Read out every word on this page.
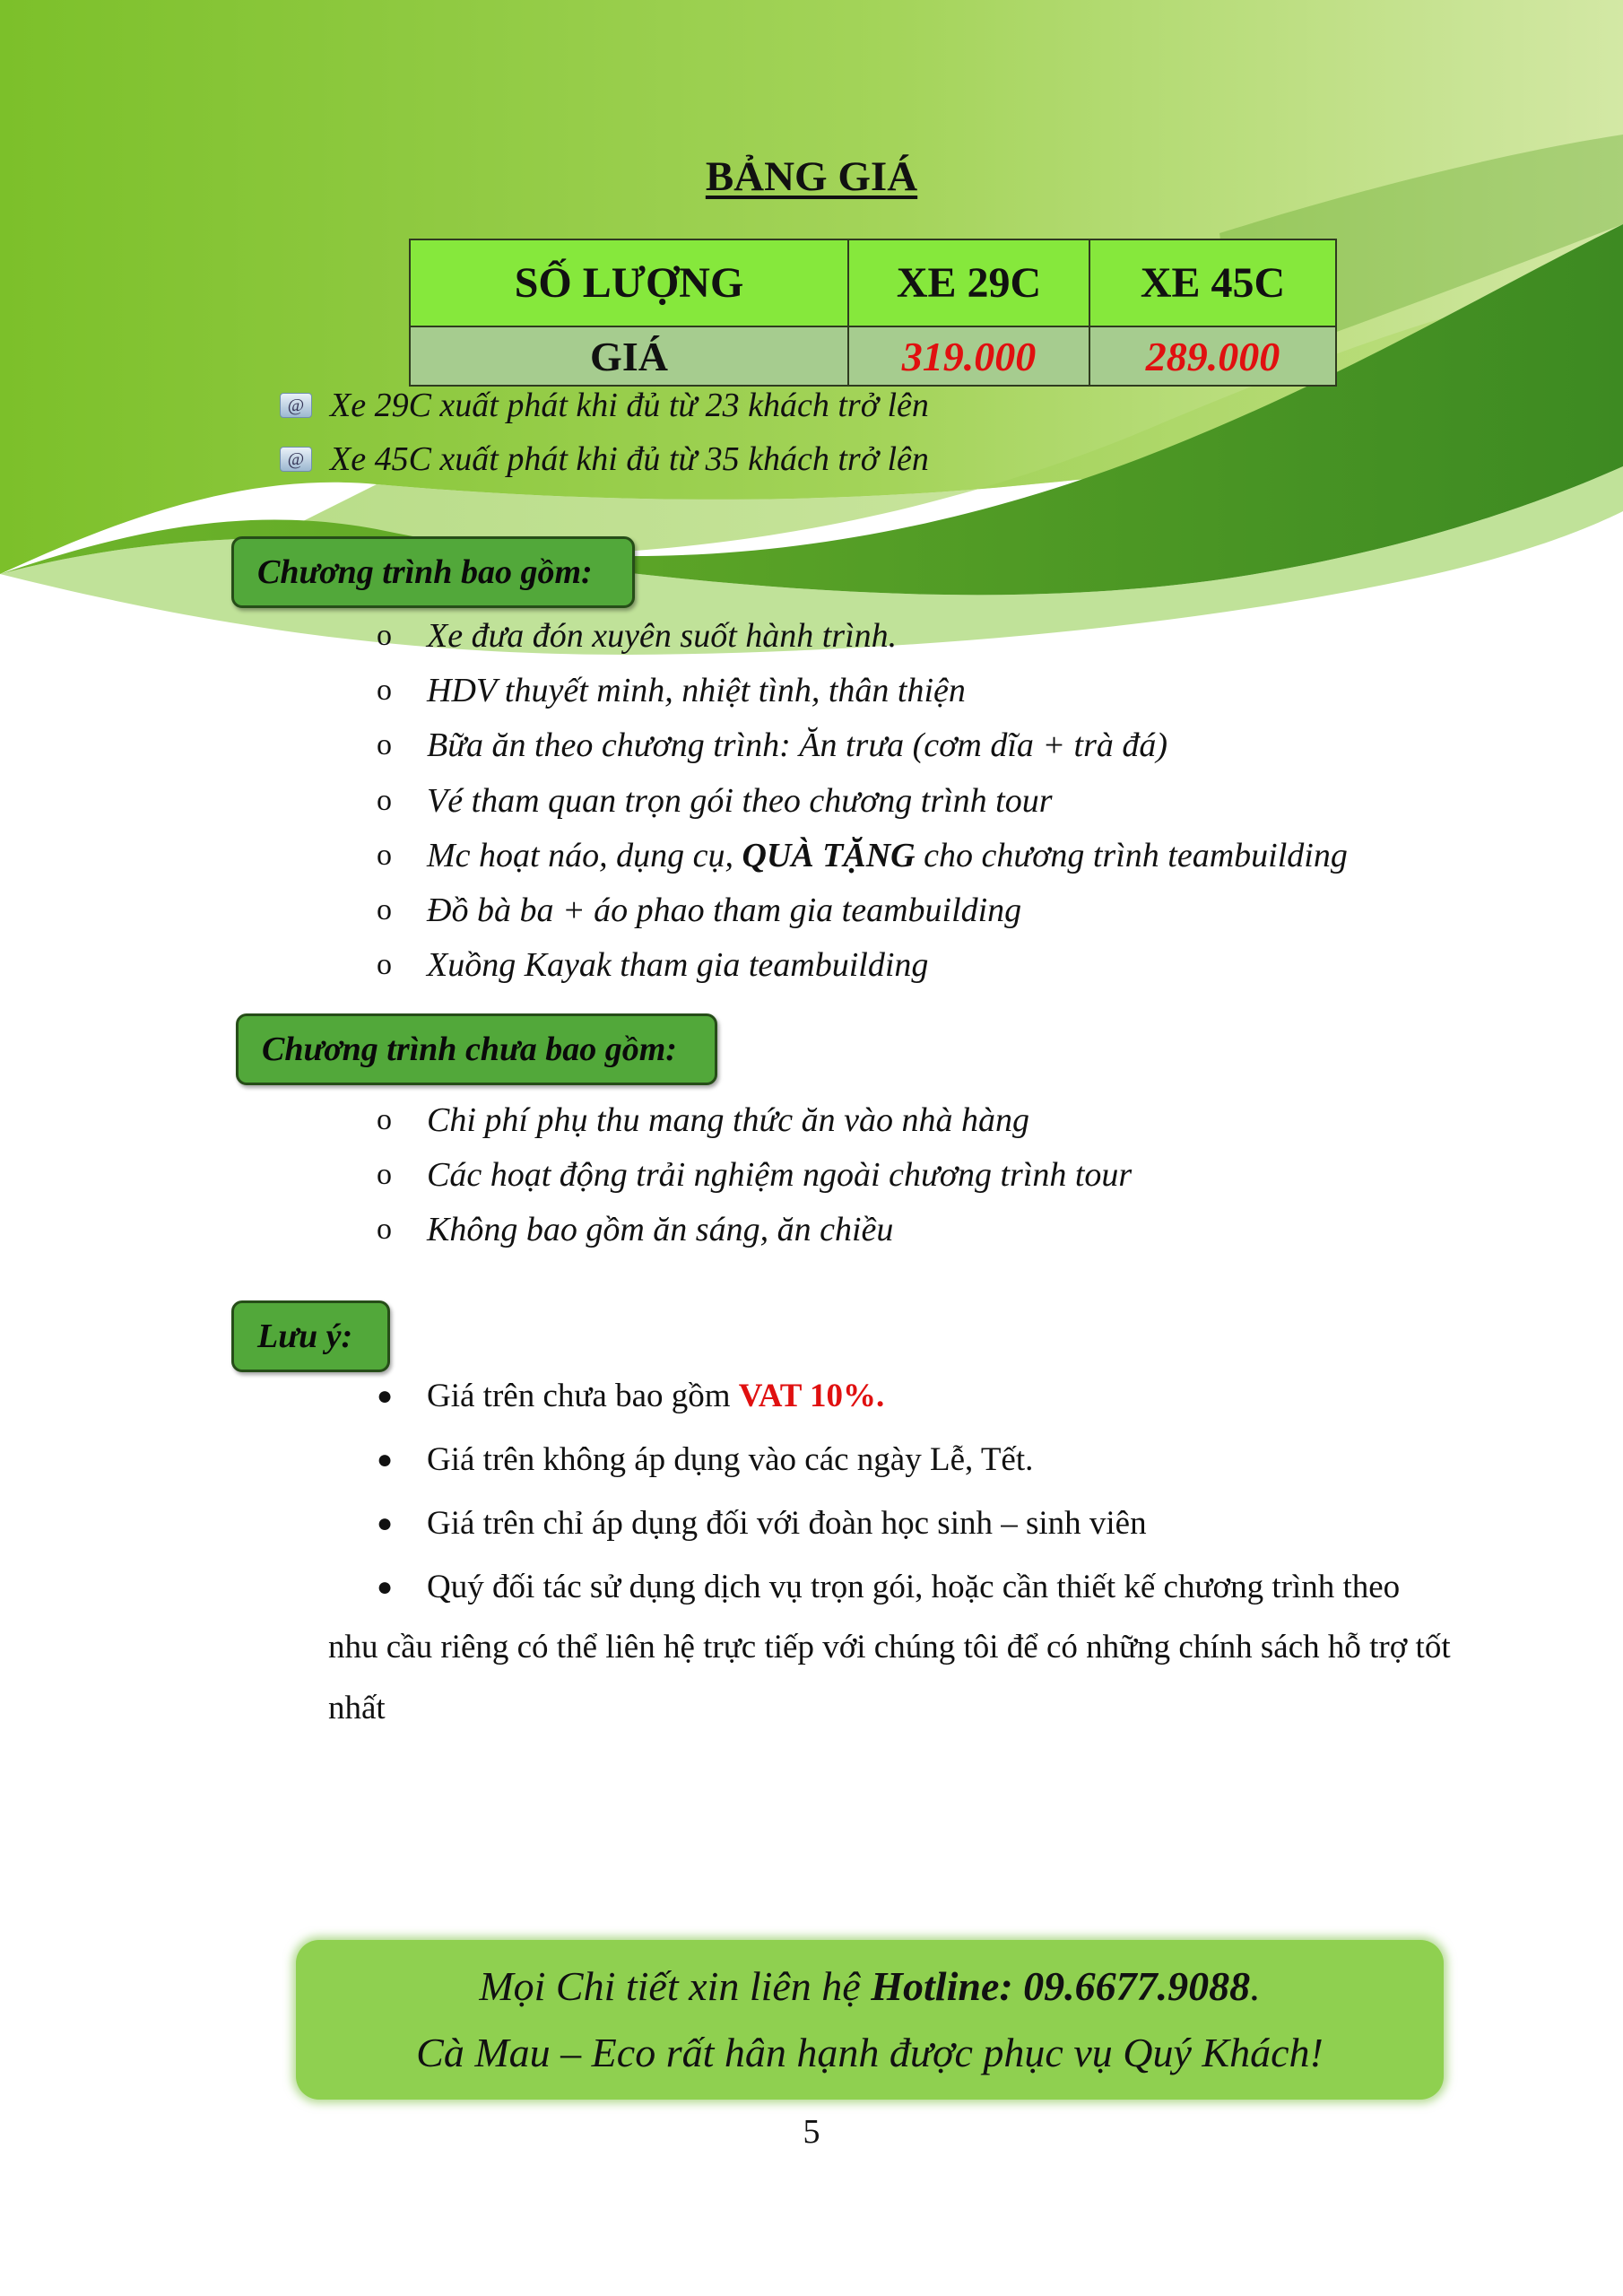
BẢNG GIÁ
SỐ LƯỢNG	XE 29C	XE 45C
GIÁ	319.000	289.000
@ Xe 29C xuất phát khi đủ từ 23 khách trở lên
@ Xe 45C xuất phát khi đủ từ 35 khách trở lên
Chương trình bao gồm:
o	Xe đưa đón xuyên suốt hành trình.
o	HDV thuyết minh, nhiệt tình, thân thiện
o	Bữa ăn theo chương trình: Ăn trưa (cơm dĩa + trà đá)
o	Vé tham quan trọn gói theo chương trình tour
o	Mc hoạt náo, dụng cụ, QUÀ TẶNG cho chương trình teambuilding
o	Đồ bà ba + áo phao tham gia teambuilding
o	Xuồng Kayak tham gia teambuilding
Chương trình chưa bao gồm:
o	Chi phí phụ thu mang thức ăn vào nhà hàng
o	Các hoạt động trải nghiệm ngoài chương trình tour
o	Không bao gồm ăn sáng, ăn chiều
Lưu ý:
●	Giá trên chưa bao gồm VAT 10%.
●	Giá trên không áp dụng vào các ngày Lễ, Tết.
●	Giá trên chỉ áp dụng đối với đoàn học sinh – sinh viên
●	Quý đối tác sử dụng dịch vụ trọn gói, hoặc cần thiết kế chương trình theo
nhu cầu riêng có thể liên hệ trực tiếp với chúng tôi để có những chính sách hỗ trợ tốt nhất
Mọi Chi tiết xin liên hệ Hotline: 09.6677.9088.
Cà Mau – Eco rất hân hạnh được phục vụ Quý Khách!
5
